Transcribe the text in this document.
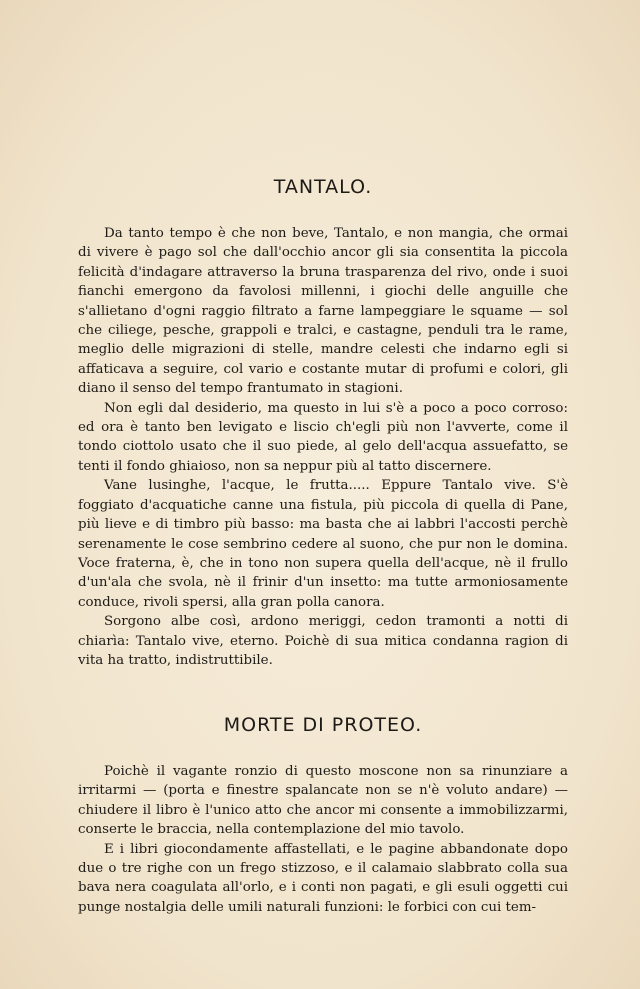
TANTALO.

Da tanto tempo è che non beve, Tantalo, e non mangia, che ormai di vivere è pago sol che dall'occhio ancor gli sia consentita la piccola felicità d'indagare attraverso la bruna trasparenza del rivo, onde i suoi fianchi emergono da favolosi millenni, i giochi delle anguille che s'allietano d'ogni raggio filtrato a farne lampeggiare le squame — sol che ciliege, pesche, grappoli e tralci, e castagne, penduli tra le rame, meglio delle migrazioni di stelle, mandre celesti che indarno egli si affaticava a seguire, col vario e costante mutar di profumi e colori, gli diano il senso del tempo frantumato in stagioni.

Non egli dal desiderio, ma questo in lui s'è a poco a poco corroso: ed ora è tanto ben levigato e liscio ch'egli più non l'avverte, come il tondo ciottolo usato che il suo piede, al gelo dell'acqua assuefatto, se tenti il fondo ghiaioso, non sa neppur più al tatto discernere.

Vane lusinghe, l'acque, le frutta..... Eppure Tantalo vive. S'è foggiato d'acquatiche canne una fistula, più piccola di quella di Pane, più lieve e di timbro più basso: ma basta che ai labbri l'accosti perchè serenamente le cose sembrino cedere al suono, che pur non le domina. Voce fraterna, è, che in tono non supera quella dell'acque, nè il frullo d'un'ala che svola, nè il frinir d'un insetto: ma tutte armoniosamente conduce, rivoli spersi, alla gran polla canora.

Sorgono albe così, ardono meriggi, cedon tramonti a notti di chiarìa: Tantalo vive, eterno. Poichè di sua mitica condanna ragion di vita ha tratto, indistruttibile.

MORTE DI PROTEO.

Poichè il vagante ronzio di questo moscone non sa rinunziare a irritarmi — (porta e finestre spalancate non se n'è voluto andare) — chiudere il libro è l'unico atto che ancor mi consente a immobilizzarmi, conserte le braccia, nella contemplazione del mio tavolo.

E i libri giocondamente affastellati, e le pagine abbandonate dopo due o tre righe con un frego stizzoso, e il calamaio slabbrato colla sua bava nera coagulata all'orlo, e i conti non pagati, e gli esuli oggetti cui punge nostalgia delle umili naturali funzioni: le forbici con cui tem-
